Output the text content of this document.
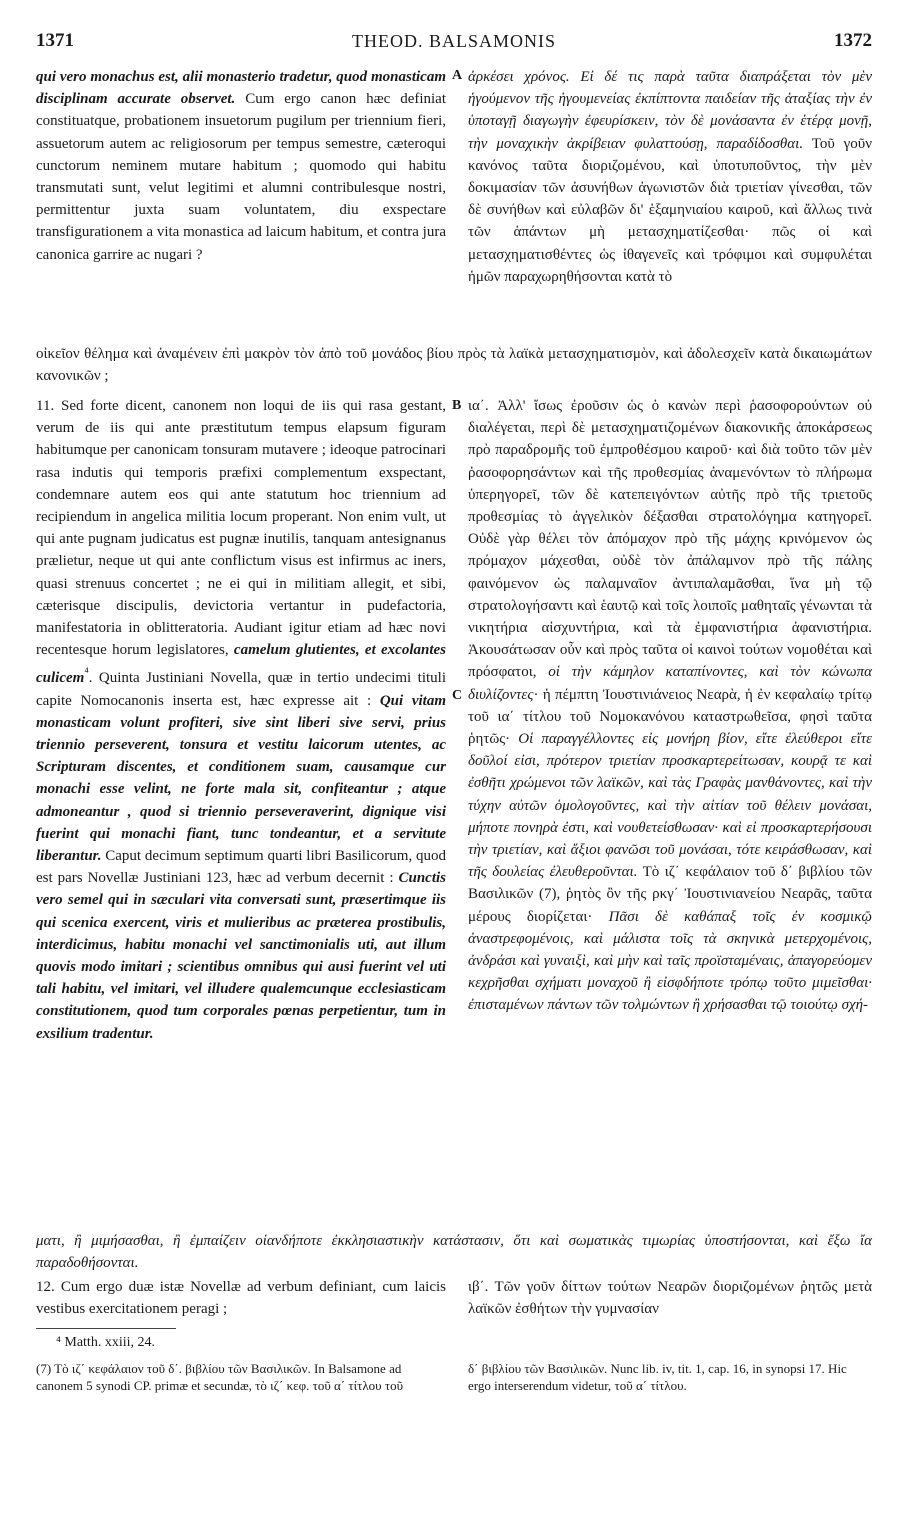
1371	THEOD. BALSAMONIS	1372

qui vero monachus est, alii monasterio tradetur, quod monasticam disciplinam accurate observet. Cum ergo canon hæc definiat constituatque, probationem insuetorum pugilum per triennium fieri, assuetorum autem ac religiosorum per tempus semestre, cæteroqui cunctorum neminem mutare habitum ; quomodo qui habitu transmutati sunt, velut legitimi et alumni contribulesque nostri, permittentur juxta suam voluntatem, diu exspectare transfigurationem a vita monastica ad laicum habitum, et contra jura canonica garrire ac nugari ?

A ἀρκέσει χρόνος. Εἰ δέ τις παρὰ ταῦτα διαπράξεται τὸν μὲν ἡγούμενον τῆς ἡγουμενείας ἐκπίπτοντα παιδείαν τῆς ἀταξίας τὴν ἐν ὑποταγῇ διαγωγὴν ἐφευρίσκειν, τὸν δὲ μονάσαντα ἐν ἑτέρᾳ μονῇ, τὴν μοναχικὴν ἀκρίβειαν φυλαττούσῃ, παραδίδοσθαι. Τοῦ γοῦν κανόνος ταῦτα διοριζομένου, καὶ ὑποτυποῦντος, τὴν μὲν δοκιμασίαν τῶν ἀσυνήθων ἀγωνιστῶν διὰ τριετίαν γίνεσθαι, τῶν δὲ συνήθων καὶ εὐλαβῶν δι' ἑξαμηνιαίου καιροῦ, καὶ ἄλλως τινὰ τῶν ἁπάντων μὴ μετασχηματίζεσθαι· πῶς οἱ καὶ μετασχηματισθέντες ὡς ἰθαγενεῖς καὶ τρόφιμοι καὶ συμφυλέται ἡμῶν παραχωρηθήσονται κατὰ τὸ

οἰκεῖον θέλημα καὶ ἀναμένειν ἐπὶ μακρὸν τὸν ἀπὸ τοῦ μονάδος βίου πρὸς τὰ λαϊκὰ μετασχηματισμὸν, καὶ ἀδολεσχεῖν κατὰ δικαιωμάτων κανονικῶν ;

11. Sed forte dicent, canonem non loqui de iis qui rasa gestant, verum de iis qui ante præstitutum tempus elapsum figuram habitumque per canonicam tonsuram mutavere ; ideoque patrocinari rasa indutis qui temporis præfixi complementum exspectant, condemnare autem eos qui ante statutum hoc triennium ad recipiendum in angelica militia locum properant. Non enim vult, ut qui ante pugnam judicatus est pugnæ inutilis, tanquam antesignanus prælietur, neque ut qui ante conflictum visus est infirmus ac iners, quasi strenuus concertet ; ne ei qui in militiam allegit, et sibi, cæterisque discipulis, devictoria vertantur in pudefactoria, manifestatoria in oblitteratoria. Audiant igitur etiam ad hæc novi recentesque horum legislatores, camelum glutientes, et excolantes culicem$^{^4}$. Quinta Justiniani Novella, quæ in tertio undecimi tituli capite Nomocanonis inserta est, hæc expresse ait : Qui vitam monasticam volunt profiteri, sive sint liberi sive servi, prius triennio perseverent, tonsura et vestitu laicorum utentes, ac Scripturam discentes, et conditionem suam, causamque cur monachi esse velint, ne forte mala sit, confiteantur ; atque admoneantur , quod si triennio perseveraverint, dignique visi fuerint qui monachi fiant, tunc tondeantur, et a servitute liberantur. Caput decimum septimum quarti libri Basilicorum, quod est pars Novellæ Justiniani 123, hæc ad verbum decernit : Cunctis vero semel qui in sæculari vita conversati sunt, præsertimque iis qui scenica exercent, viris et mulieribus ac præterea prostibulis, interdicimus, habitu monachi vel sanctimonialis uti, aut illum quovis modo imitari ; scientibus omnibus qui ausi fuerint vel uti tali habitu, vel imitari, vel illudere qualemcunque ecclesiasticam constitutionem, quod tum corporales pœnas perpetientur, tum in exsilium tradentur.

B
C

ια΄. Ἀλλ' ἴσως ἐροῦσιν ὡς ὁ κανὼν περὶ ῥασοφορούντων οὐ διαλέγεται, περὶ δὲ μετασχηματιζομένων διακονικῆς ἀποκάρσεως πρὸ παραδρομῆς τοῦ ἐμπροθέσμου καιροῦ· καὶ διὰ τοῦτο τῶν μὲν ῥασοφορησάντων καὶ τῆς προθεσμίας ἀναμενόντων τὸ πλήρωμα ὑπερηγορεῖ, τῶν δὲ κατεπειγόντων αὐτῆς πρὸ τῆς τριετοῦς προθεσμίας τὸ ἀγγελικὸν δέξασθαι στρατολόγημα κατηγορεῖ. Οὐδὲ γὰρ θέλει τὸν ἀπόμαχον πρὸ τῆς μάχης κρινόμενον ὡς πρόμαχον μάχεσθαι, οὐδὲ τὸν ἀπάλαμνον πρὸ τῆς πάλης φαινόμενον ὡς παλαμναῖον ἀντιπαλαμᾶσθαι, ἵνα μὴ τῷ στρατολογήσαντι καὶ ἑαυτῷ καὶ τοῖς λοιποῖς μαθηταῖς γένωνται τὰ νικητήρια αἰσχυντήρια, καὶ τὰ ἐμφανιστήρια ἀφανιστήρια. Ἀκουσάτωσαν οὖν καὶ πρὸς ταῦτα οἱ καινοὶ τούτων νομοθέται καὶ πρόσφατοι, οἱ τὴν κάμηλον καταπίνοντες, καὶ τὸν κώνωπα διυλίζοντες· ἡ πέμπτη Ἰουστινιάνειος Νεαρὰ, ἡ ἐν κεφαλαίῳ τρίτῳ τοῦ ια΄ τίτλου τοῦ Νομοκανόνου καταστρωθεῖσα, φησὶ ταῦτα ῥητῶς· Οἱ παραγγέλλοντες εἰς μονήρη βίον, εἴτε ἐλεύθεροι εἴτε δοῦλοί εἰσι, πρότερον τριετίαν προσκαρτερείτωσαν, κουρᾷ τε καὶ ἐσθῆτι χρώμενοι τῶν λαϊκῶν, καὶ τὰς Γραφὰς μανθάνοντες, καὶ τὴν τύχην αὐτῶν ὁμολογοῦντες, καὶ τὴν αἰτίαν τοῦ θέλειν μονάσαι, μήποτε πονηρὰ ἐστι, καὶ νουθετείσθωσαν· καὶ εἰ προσκαρτερήσουσι τὴν τριετίαν, καὶ ἄξιοι φανῶσι τοῦ μονάσαι, τότε κειράσθωσαν, καὶ τῆς δουλείας ἐλευθεροῦνται. Τὸ ιζ΄ κεφάλαιον τοῦ δ΄ βιβλίου τῶν Βασιλικῶν (7), ῥητὸς ὂν τῆς ρκγ΄ Ἰουστινιανείου Νεαρᾶς, ταῦτα μέρους διορίζεται· Πᾶσι δὲ καθάπαξ τοῖς ἐν κοσμικῷ ἀναστρεφομένοις, καὶ μάλιστα τοῖς τὰ σκηνικὰ μετερχομένοις, ἀνδράσι καὶ γυναιξὶ, καὶ μὴν καὶ ταῖς προϊσταμέναις, ἀπαγορεύομεν κεχρῆσθαι σχήματι μοναχοῦ ἢ εἰσφδήποτε τρόπῳ τοῦτο μιμεῖσθαι· ἐπισταμένων πάντων τῶν τολμώντων ἢ χρήσασθαι τῷ τοιούτῳ σχή-

ματι, ἢ μιμήσασθαι, ἢ ἐμπαίζειν οἱανδήποτε ἐκκλησιαστικὴν κατάστασιν, ὅτι καὶ σωματικὰς τιμωρίας ὑποστήσονται, καὶ ἔξω ἴα παραδοθήσονται.

12. Cum ergo duæ istæ Novellæ ad verbum definiant, cum laicis vestibus exercitationem peragi ;

ιβ΄. Τῶν γοῦν δίττων τούτων Νεαρῶν διοριζομένων ῥητῶς μετὰ λαϊκῶν ἐσθήτων τὴν γυμνασίαν

⁴ Matth. xxiii, 24.
(7) Τὸ ιζ΄ κεφάλαιον τοῦ δ΄. βιβλίου τῶν Βασιλικῶν. In Balsamone ad canonem 5 synodi CP. primæ et secundæ, τὸ ιζ΄ κεφ. τοῦ α΄ τίτλου τοῦ
δ΄ βιβλίου τῶν Βασιλικῶν. Nunc lib. iv, tit. 1, cap. 16, in synopsi 17. Hic ergo interserendum videtur, τοῦ α΄ τίτλου.
